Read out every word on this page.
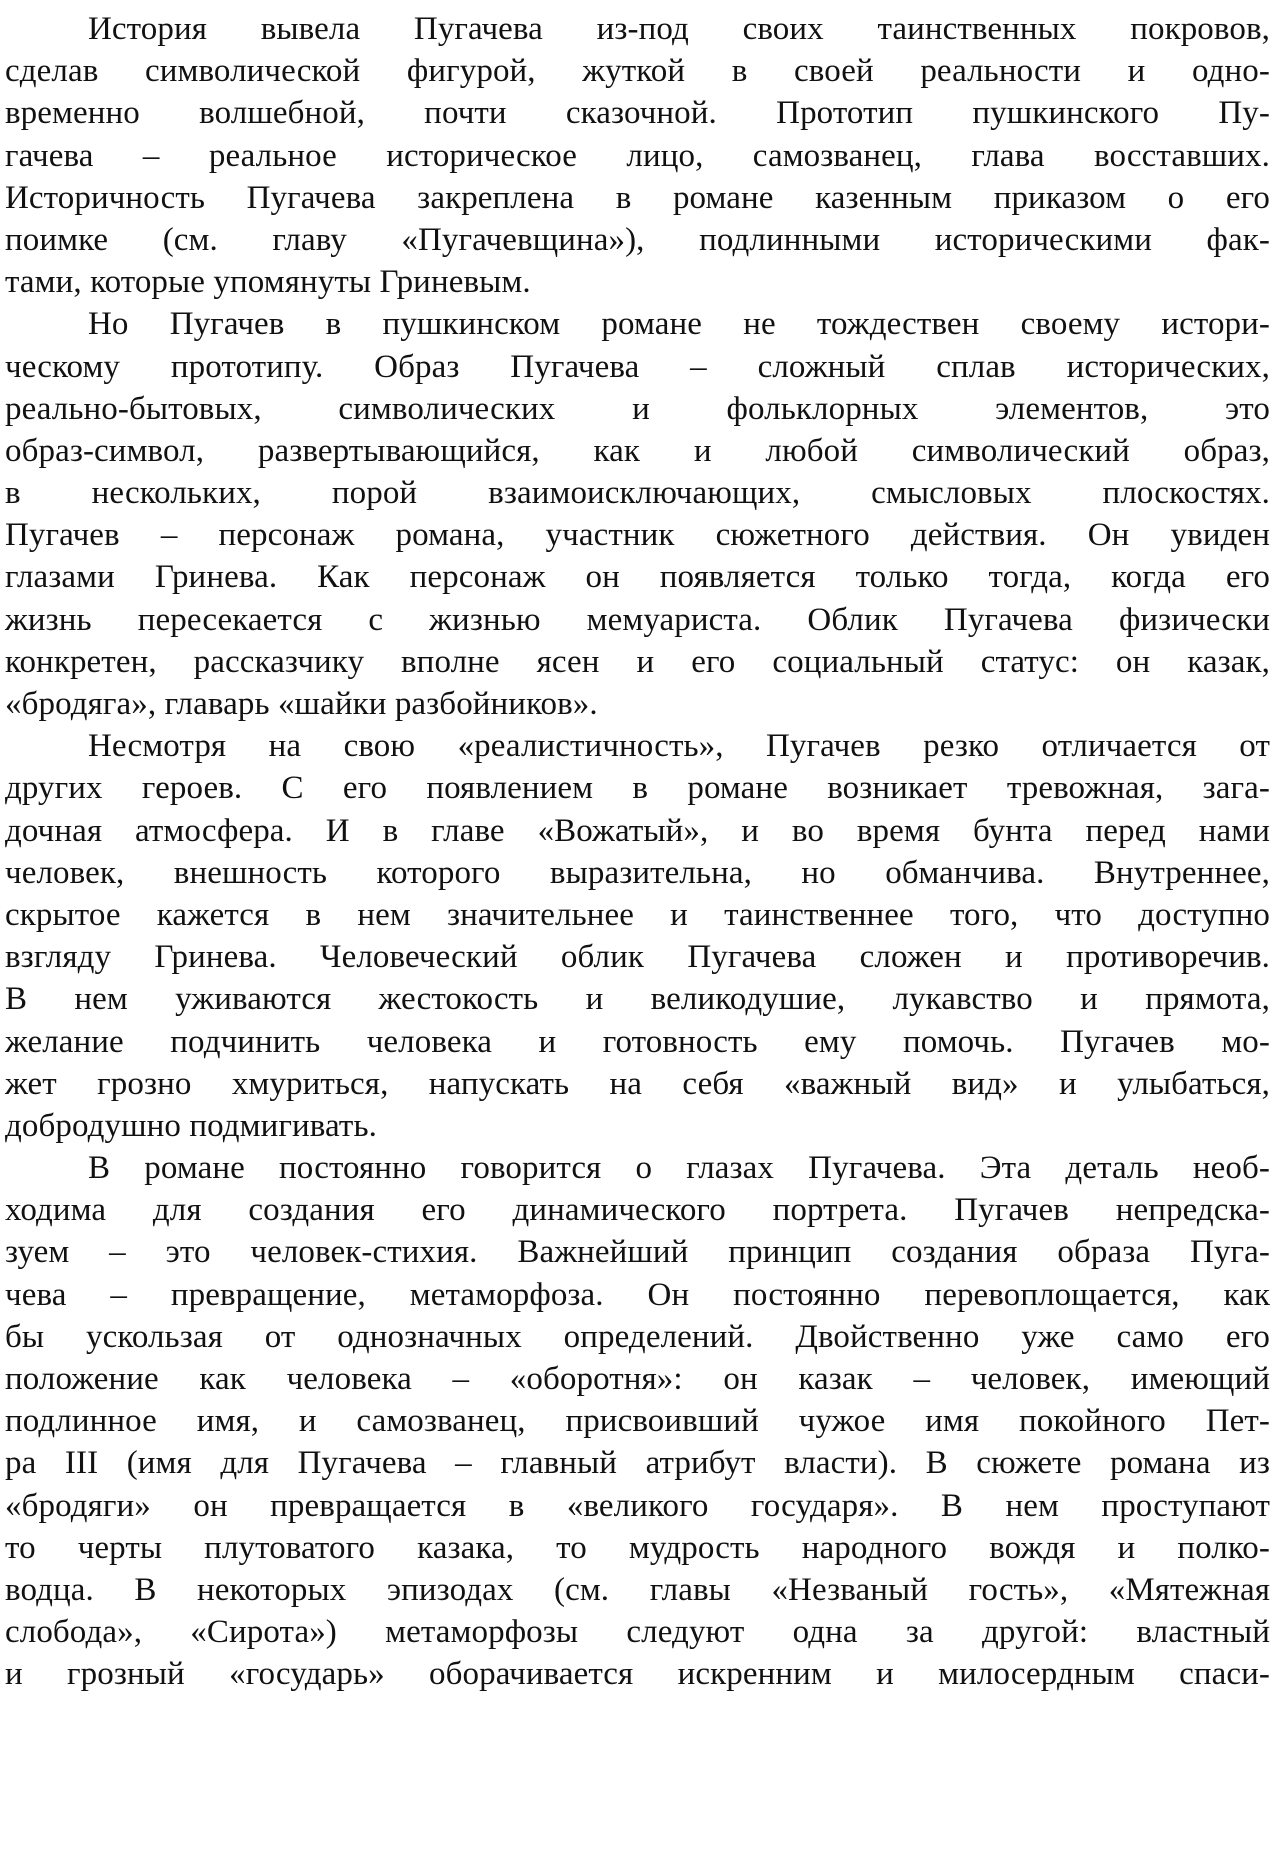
История вывела Пугачева из-под своих таинственных покровов,
сделав символической фигурой, жуткой в своей реальности и одно-
временно волшебной, почти сказочной. Прототип пушкинского Пу-
гачева – реальное историческое лицо, самозванец, глава восставших.
Историчность Пугачева закреплена в романе казенным приказом о его
поимке (см. главу «Пугачевщина»), подлинными историческими фак-
тами, которые упомянуты Гриневым.
Но Пугачев в пушкинском романе не тождествен своему истори-
ческому прототипу. Образ Пугачева – сложный сплав исторических,
реально-бытовых, символических и фольклорных элементов, это
образ-символ, развертывающийся, как и любой символический образ,
в нескольких, порой взаимоисключающих, смысловых плоскостях.
Пугачев – персонаж романа, участник сюжетного действия. Он увиден
глазами Гринева. Как персонаж он появляется только тогда, когда его
жизнь пересекается с жизнью мемуариста. Облик Пугачева физически
конкретен, рассказчику вполне ясен и его социальный статус: он казак,
«бродяга», главарь «шайки разбойников».
Несмотря на свою «реалистичность», Пугачев резко отличается от
других героев. С его появлением в романе возникает тревожная, зага-
дочная атмосфера. И в главе «Вожатый», и во время бунта перед нами
человек, внешность которого выразительна, но обманчива. Внутреннее,
скрытое кажется в нем значительнее и таинственнее того, что доступно
взгляду Гринева. Человеческий облик Пугачева сложен и противоречив.
В нем уживаются жестокость и великодушие, лукавство и прямота,
желание подчинить человека и готовность ему помочь. Пугачев мо-
жет грозно хмуриться, напускать на себя «важный вид» и улыбаться,
добродушно подмигивать.
В романе постоянно говорится о глазах Пугачева. Эта деталь необ-
ходима для создания его динамического портрета. Пугачев непредска-
зуем – это человек-стихия. Важнейший принцип создания образа Пуга-
чева – превращение, метаморфоза. Он постоянно перевоплощается, как
бы ускользая от однозначных определений. Двойственно уже само его
положение как человека – «оборотня»: он казак – человек, имеющий
подлинное имя, и самозванец, присвоивший чужое имя покойного Пет-
ра III (имя для Пугачева – главный атрибут власти). В сюжете романа из
«бродяги» он превращается в «великого государя». В нем проступают
то черты плутоватого казака, то мудрость народного вождя и полко-
водца. В некоторых эпизодах (см. главы «Незваный гость», «Мятежная
слобода», «Сирота») метаморфозы следуют одна за другой: властный
и грозный «государь» оборачивается искренним и милосердным спаси-
